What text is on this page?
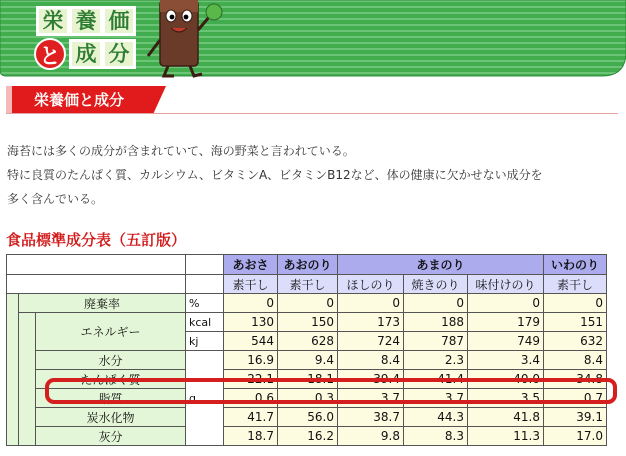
栄 養 価
と 成 分
栄養価と成分
海苔には多くの成分が含まれていて、海の野菜と言われている。
特に良質のたんぱく質、カルシウム、ビタミンA、ビタミンB12など、体の健康に欠かせない成分を
多く含んでいる。
食品標準成分表（五訂版）
				あおさ	あおのり	あまのり			いわのり
				素干し	素干し	ほしのり	焼きのり	味付けのり	素干し
	廃棄率		%	0	0	0	0	0	0
		エネルギー	kcal	130	150	173	188	179	151
			kj	544	628	724	787	749	632
		水分	g	16.9	9.4	8.4	2.3	3.4	8.4
		たんぱく質		22.1	18.1	39.4	41.4	40.0	34.8
		脂質		0.6	0.3	3.7	3.7	3.5	0.7
		炭水化物		41.7	56.0	38.7	44.3	41.8	39.1
		灰分		18.7	16.2	9.8	8.3	11.3	17.0
